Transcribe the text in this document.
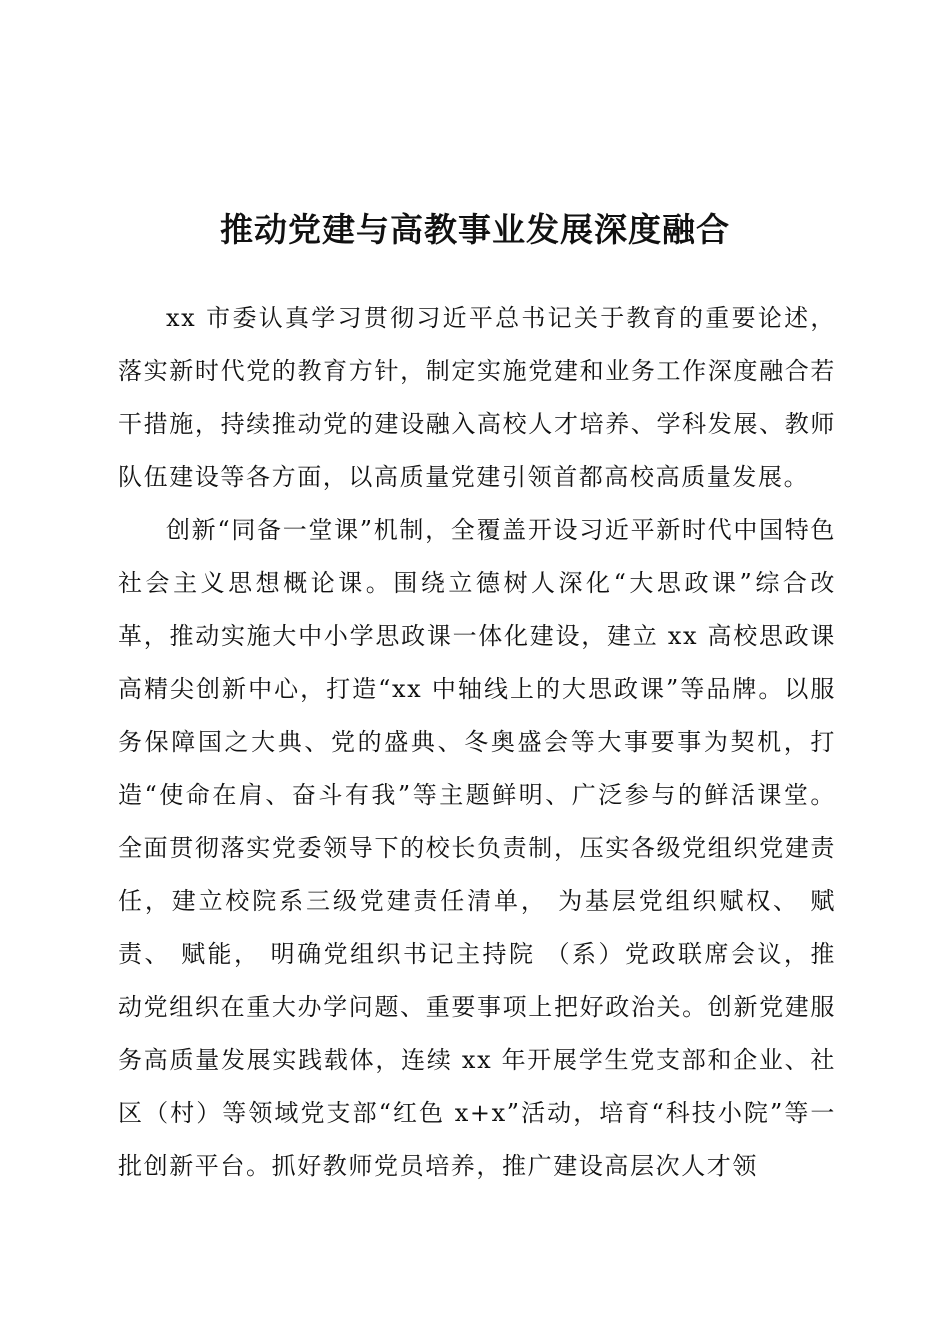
推动党建与高教事业发展深度融合

xx 市委认真学习贯彻习近平总书记关于教育的重要论述，落实新时代党的教育方针，制定实施党建和业务工作深度融合若干措施，持续推动党的建设融入高校人才培养、学科发展、教师队伍建设等各方面，以高质量党建引领首都高校高质量发展。

创新“同备一堂课”机制，全覆盖开设习近平新时代中国特色社会主义思想概论课。围绕立德树人深化“大思政课”综合改革，推动实施大中小学思政课一体化建设，建立 xx 高校思政课高精尖创新中心，打造“xx 中轴线上的大思政课”等品牌。以服务保障国之大典、党的盛典、冬奥盛会等大事要事为契机，打造“使命在肩、奋斗有我”等主题鲜明、广泛参与的鲜活课堂。全面贯彻落实党委领导下的校长负责制，压实各级党组织党建责任，建立校院系三级党建责任清单， 为基层党组织赋权、 赋责、 赋能， 明确党组织书记主持院 （系）党政联席会议，推动党组织在重大办学问题、重要事项上把好政治关。创新党建服务高质量发展实践载体，连续 xx 年开展学生党支部和企业、社区（村）等领域党支部“红色 x+x”活动，培育“科技小院”等一批创新平台。抓好教师党员培养，推广建设高层次人才领
